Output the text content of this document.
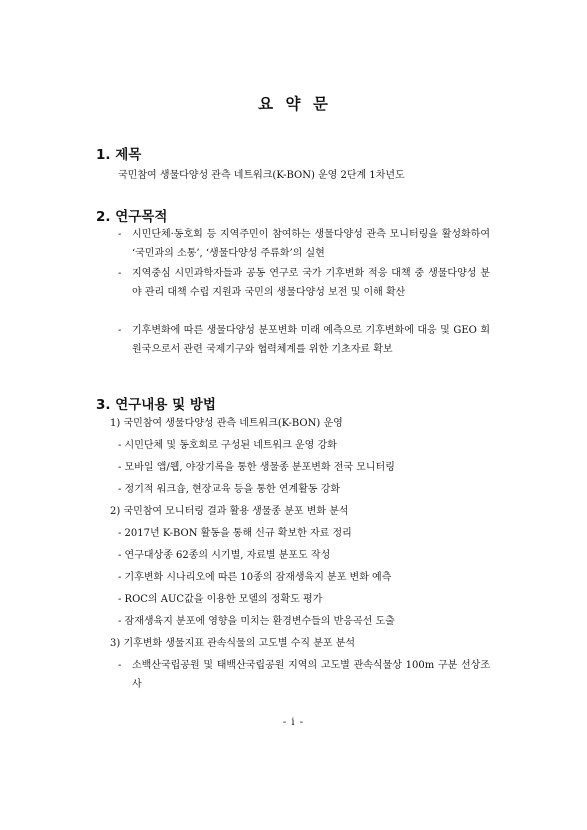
요 약 문
1. 제목

국민참여 생물다양성 관측 네트워크(K-BON) 운영 2단계 1차년도

2. 연구목적
- 시민단체·동호회 등 지역주민이 참여하는 생물다양성 관측 모니터링을 활성화하여 ‘국민과의 소통’, ‘생물다양성 주류화’의 실현

- 지역중심 시민과학자들과 공동 연구로 국가 기후변화 적응 대책 중 생물다양성 분야 관리 대책 수립 지원과 국민의 생물다양성 보전 및 이해 확산

- 기후변화에 따른 생물다양성 분포변화 미래 예측으로 기후변화에 대응 및 GEO 회원국으로서 관련 국제기구와 협력체계를 위한 기초자료 확보

3. 연구내용 및 방법

1) 국민참여 생물다양성 관측 네트워크(K-BON) 운영

- 시민단체 및 동호회로 구성된 네트워크 운영 강화

- 모바일 앱/웹, 야장기록을 통한 생물종 분포변화 전국 모니터링

- 정기적 워크숍, 현장교육 등을 통한 연계활동 강화

2) 국민참여 모니터링 결과 활용 생물종 분포 변화 분석

- 2017년 K-BON 활동을 통해 신규 확보한 자료 정리

- 연구대상종 62종의 시기별, 자료별 분포도 작성

- 기후변화 시나리오에 따른 10종의 잠재생육지 분포 변화 예측

- ROC의 AUC값을 이용한 모델의 정확도 평가

- 잠재생육지 분포에 영향을 미치는 환경변수들의 반응곡선 도출

3) 기후변화 생물지표 관속식물의 고도별 수직 분포 분석

- 소백산국립공원 및 태백산국립공원 지역의 고도별 관속식물상 100m 구분 선상조사

- i -
